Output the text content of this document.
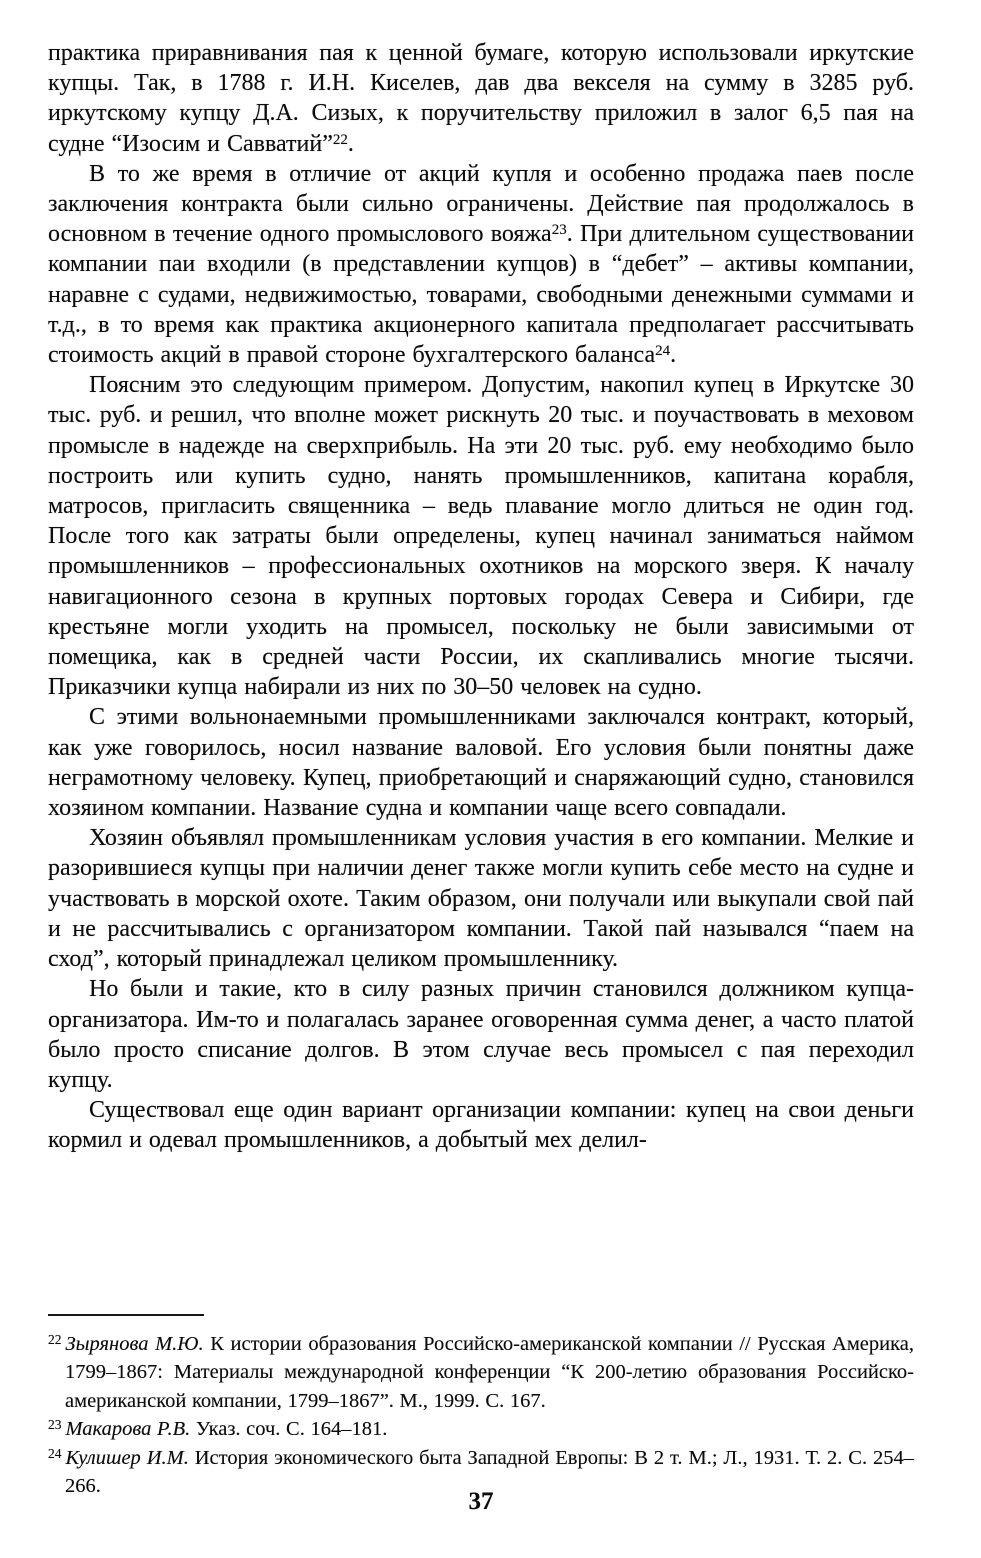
практика приравнивания пая к ценной бумаге, которую использовали иркутские купцы. Так, в 1788 г. И.Н. Киселев, дав два векселя на сумму в 3285 руб. иркутскому купцу Д.А. Сизых, к поручительству приложил в залог 6,5 пая на судне “Изосим и Савватий”$^{22}$.

В то же время в отличие от акций купля и особенно продажа паев после заключения контракта были сильно ограничены. Действие пая продолжалось в основном в течение одного промыслового вояжа$^{23}$. При длительном существовании компании паи входили (в представлении купцов) в “дебет” – активы компании, наравне с судами, недвижимостью, товарами, свободными денежными суммами и т.д., в то время как практика акционерного капитала предполагает рассчитывать стоимость акций в правой стороне бухгалтерского баланса$^{24}$.

Поясним это следующим примером. Допустим, накопил купец в Иркутске 30 тыс. руб. и решил, что вполне может рискнуть 20 тыс. и поучаствовать в меховом промысле в надежде на сверхприбыль. На эти 20 тыс. руб. ему необходимо было построить или купить судно, нанять промышленников, капитана корабля, матросов, пригласить священника – ведь плавание могло длиться не один год. После того как затраты были определены, купец начинал заниматься наймом промышленников – профессиональных охотников на морского зверя. К началу навигационного сезона в крупных портовых городах Севера и Сибири, где крестьяне могли уходить на промысел, поскольку не были зависимыми от помещика, как в средней части России, их скапливались многие тысячи. Приказчики купца набирали из них по 30–50 человек на судно.

С этими вольнонаемными промышленниками заключался контракт, который, как уже говорилось, носил название валовой. Его условия были понятны даже неграмотному человеку. Купец, приобретающий и снаряжающий судно, становился хозяином компании. Название судна и компании чаще всего совпадали.

Хозяин объявлял промышленникам условия участия в его компании. Мелкие и разорившиеся купцы при наличии денег также могли купить себе место на судне и участвовать в морской охоте. Таким образом, они получали или выкупали свой пай и не рассчитывались с организатором компании. Такой пай назывался “паем на сход”, который принадлежал целиком промышленнику.

Но были и такие, кто в силу разных причин становился должником купца-организатора. Им-то и полагалась заранее оговоренная сумма денег, а часто платой было просто списание долгов. В этом случае весь промысел с пая переходил купцу.

Существовал еще один вариант организации компании: купец на свои деньги кормил и одевал промышленников, а добытый мех делил-

$^{22}$ Зырянова М.Ю. К истории образования Российско-американской компании // Русская Америка, 1799–1867: Материалы международной конференции “К 200-летию образования Российско-американской компании, 1799–1867”. М., 1999. С. 167.

$^{23}$ Макарова Р.В. Указ. соч. С. 164–181.

$^{24}$ Кулишер И.М. История экономического быта Западной Европы: В 2 т. М.; Л., 1931. Т. 2. С. 254–266.

37
